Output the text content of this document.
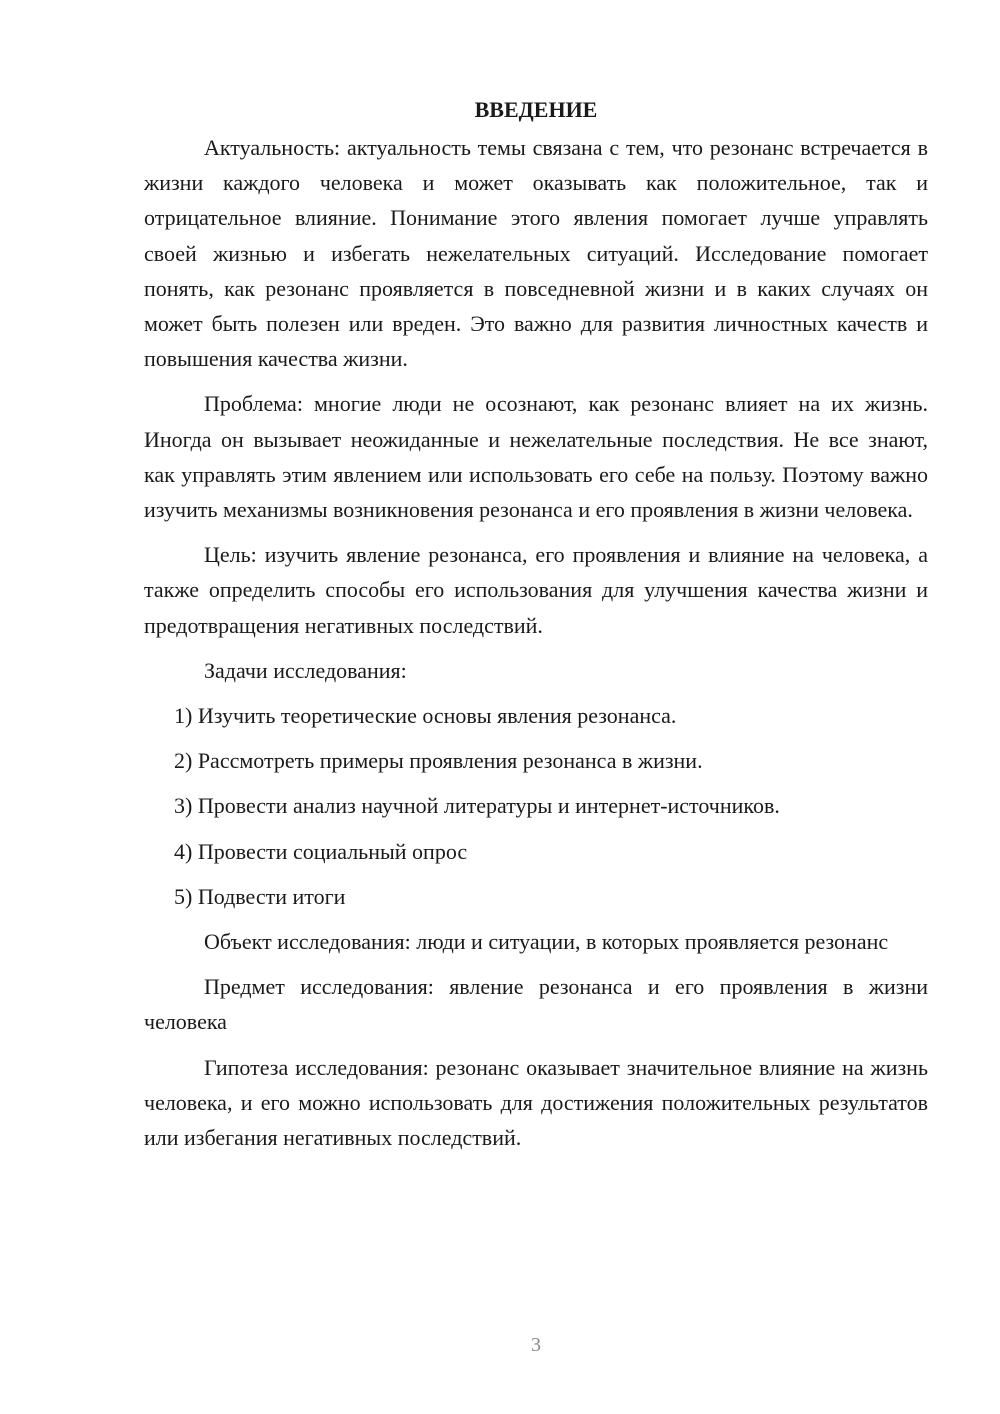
ВВЕДЕНИЕ

Актуальность: актуальность темы связана с тем, что резонанс встречается в жизни каждого человека и может оказывать как положительное, так и отрицательное влияние. Понимание этого явления помогает лучше управлять своей жизнью и избегать нежелательных ситуаций. Исследование помогает понять, как резонанс проявляется в повседневной жизни и в каких случаях он может быть полезен или вреден. Это важно для развития личностных качеств и повышения качества жизни.

Проблема: многие люди не осознают, как резонанс влияет на их жизнь. Иногда он вызывает неожиданные и нежелательные последствия. Не все знают, как управлять этим явлением или использовать его себе на пользу. Поэтому важно изучить механизмы возникновения резонанса и его проявления в жизни человека.

Цель: изучить явление резонанса, его проявления и влияние на человека, а также определить способы его использования для улучшения качества жизни и предотвращения негативных последствий.

Задачи исследования:

1) Изучить теоретические основы явления резонанса.
2) Рассмотреть примеры проявления резонанса в жизни.
3) Провести анализ научной литературы и интернет-источников.
4) Провести социальный опрос
5) Подвести итоги

Объект исследования: люди и ситуации, в которых проявляется резонанс

Предмет исследования: явление резонанса и его проявления в жизни человека

Гипотеза исследования: резонанс оказывает значительное влияние на жизнь человека, и его можно использовать для достижения положительных результатов или избегания негативных последствий.

3
